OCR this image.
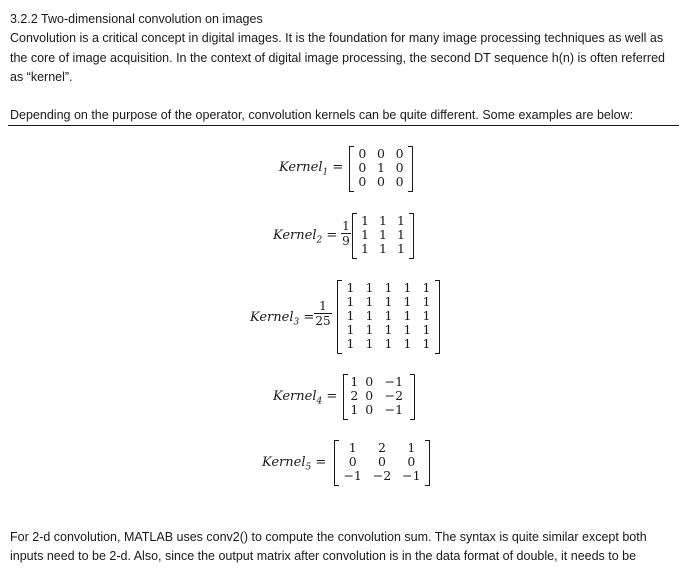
3.2.2 Two-dimensional convolution on images
Convolution is a critical concept in digital images. It is the foundation for many image processing techniques as well as
the core of image acquisition. In the context of digital image processing, the second DT sequence h(n) is often referred
as “kernel”.
Depending on the purpose of the operator, convolution kernels can be quite different. Some examples are below:
Kernel$_1$ =
0	0	0
0	1	0
0	0	0
Kernel$_2$ =
1
9
1	1	1
1	1	1
1	1	1
Kernel$_3$ =
1
25
1	1	1	1	1
1	1	1	1	1
1	1	1	1	1
1	1	1	1	1
1	1	1	1	1
Kernel$_4$ =
1	0	−1
2	0	−2
1	0	−1
Kernel$_5$ =
1	2	1
0	0	0
−1	−2	−1
For 2-d convolution, MATLAB uses conv2() to compute the convolution sum. The syntax is quite similar except both
inputs need to be 2-d. Also, since the output matrix after convolution is in the data format of double, it needs to be
